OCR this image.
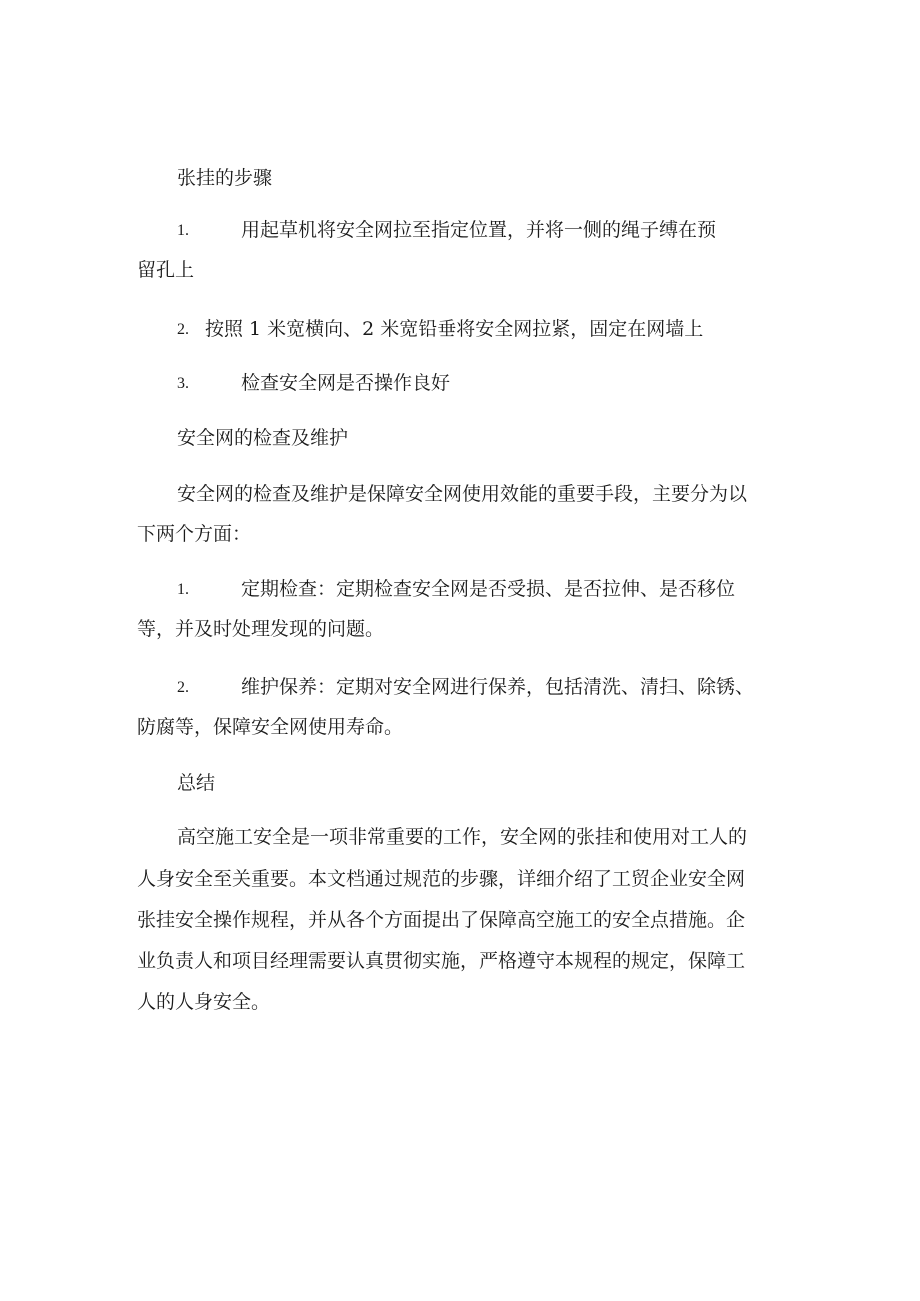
张挂的步骤
1.	用起草机将安全网拉至指定位置，并将一侧的绳子缚在预
留孔上
2. 按照 1 米宽横向、2 米宽铅垂将安全网拉紧，固定在网墙上
3.	检查安全网是否操作良好
安全网的检查及维护
安全网的检查及维护是保障安全网使用效能的重要手段，主要分为以
下两个方面：
1.	定期检查：定期检查安全网是否受损、是否拉伸、是否移位
等，并及时处理发现的问题。
2.	维护保养：定期对安全网进行保养，包括清洗、清扫、除锈、
防腐等，保障安全网使用寿命。
总结
高空施工安全是一项非常重要的工作，安全网的张挂和使用对工人的
人身安全至关重要。本文档通过规范的步骤，详细介绍了工贸企业安全网
张挂安全操作规程，并从各个方面提出了保障高空施工的安全点措施。企
业负责人和项目经理需要认真贯彻实施，严格遵守本规程的规定，保障工
人的人身安全。
